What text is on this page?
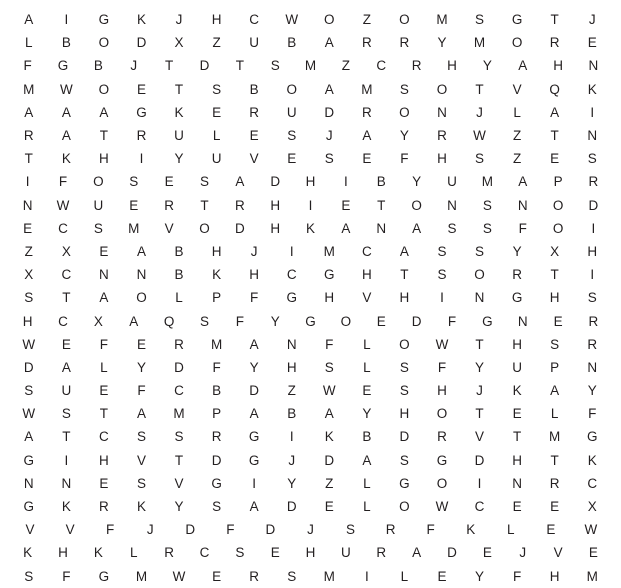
A	I	G	K	J	H	C	W	O	Z	O	M	S	G	T	J
L	B	O	D	X	Z	U	B	A	R	R	Y	M	O	R	E
F	G	B	J	T	D	T	S	M	Z	C	R	H	Y	A	H	N
M	W	O	E	T	S	B	O	A	M	S	O	T	V	Q	K
A	A	A	G	K	E	R	U	D	R	O	N	J	L	A	I
R	A	T	R	U	L	E	S	J	A	Y	R	W	Z	T	N
T	K	H	I	Y	U	V	E	S	E	F	H	S	Z	E	S
I	F	O	S	E	S	A	D	H	I	B	Y	U	M	A	P	R
N	W	U	E	R	T	R	H	I	E	T	O	N	S	N	O	D
E	C	S	M	V	O	D	H	K	A	N	A	S	S	F	O	I
Z	X	E	A	B	H	J	I	M	C	A	S	S	Y	X	H
X	C	N	N	B	K	H	C	G	H	T	S	O	R	T	I
S	T	A	O	L	P	F	G	H	V	H	I	N	G	H	S
H	C	X	A	Q	S	F	Y	G	O	E	D	F	G	N	E	R
W	E	F	E	R	M	A	N	F	L	O	W	T	H	S	R
D	A	L	Y	D	F	Y	H	S	L	S	F	Y	U	P	N
S	U	E	F	C	B	D	Z	W	E	S	H	J	K	A	Y
W	S	T	A	M	P	A	B	A	Y	H	O	T	E	L	F
A	T	C	S	S	R	G	I	K	B	D	R	V	T	M	G
G	I	H	V	T	D	G	J	D	A	S	G	D	H	T	K
N	N	E	S	V	G	I	Y	Z	L	G	O	I	N	R	C
G	K	R	K	Y	S	A	D	E	L	O	W	C	E	E	X
V	V	F	J	D	F	D	J	S	R	F	K	L	E	W
K	H	K	L	R	C	S	E	H	U	R	A	D	E	J	V	E
S	F	G	M	W	E	R	S	M	I	L	E	Y	F	H	M
